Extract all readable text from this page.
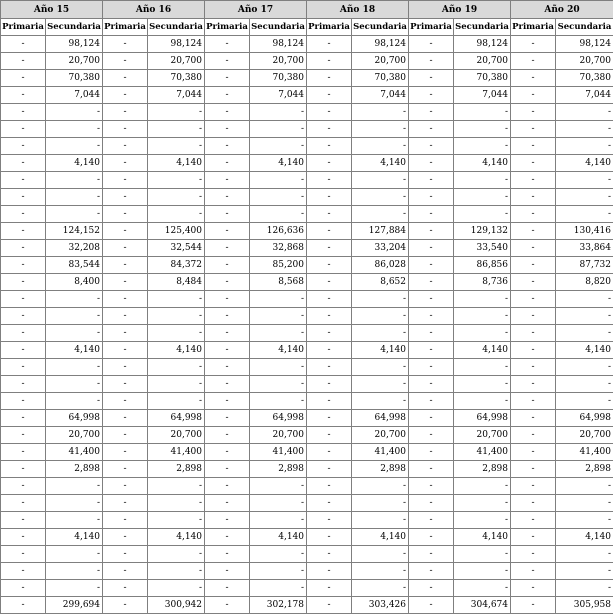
Año 15		Año 16		Año 17		Año 18		Año 19		Año 20	
Primaria	Secundaria	Primaria	Secundaria	Primaria	Secundaria	Primaria	Secundaria	Primaria	Secundaria	Primaria	Secundaria
-	98,124	-	98,124	-	98,124	-	98,124	-	98,124	-	98,124
-	20,700	-	20,700	-	20,700	-	20,700	-	20,700	-	20,700
-	70,380	-	70,380	-	70,380	-	70,380	-	70,380	-	70,380
-	7,044	-	7,044	-	7,044	-	7,044	-	7,044	-	7,044
-	-	-	-	-	-	-	-	-	-	-	-
-	-	-	-	-	-	-	-	-	-	-	-
-	-	-	-	-	-	-	-	-	-	-	-
-	4,140	-	4,140	-	4,140	-	4,140	-	4,140	-	4,140
-	-	-	-	-	-	-	-	-	-	-	-
-	-	-	-	-	-	-	-	-	-	-	-
-	-	-	-	-	-	-	-	-	-	-	-
-	124,152	-	125,400	-	126,636	-	127,884	-	129,132	-	130,416
-	32,208	-	32,544	-	32,868	-	33,204	-	33,540	-	33,864
-	83,544	-	84,372	-	85,200	-	86,028	-	86,856	-	87,732
-	8,400	-	8,484	-	8,568	-	8,652	-	8,736	-	8,820
-	-	-	-	-	-	-	-	-	-	-	-
-	-	-	-	-	-	-	-	-	-	-	-
-	-	-	-	-	-	-	-	-	-	-	-
-	4,140	-	4,140	-	4,140	-	4,140	-	4,140	-	4,140
-	-	-	-	-	-	-	-	-	-	-	-
-	-	-	-	-	-	-	-	-	-	-	-
-	-	-	-	-	-	-	-	-	-	-	-
-	64,998	-	64,998	-	64,998	-	64,998	-	64,998	-	64,998
-	20,700	-	20,700	-	20,700	-	20,700	-	20,700	-	20,700
-	41,400	-	41,400	-	41,400	-	41,400	-	41,400	-	41,400
-	2,898	-	2,898	-	2,898	-	2,898	-	2,898	-	2,898
-	-	-	-	-	-	-	-	-	-	-	-
-	-	-	-	-	-	-	-	-	-	-	-
-	-	-	-	-	-	-	-	-	-	-	-
-	4,140	-	4,140	-	4,140	-	4,140	-	4,140	-	4,140
-	-	-	-	-	-	-	-	-	-	-	-
-	-	-	-	-	-	-	-	-	-	-	-
-	-	-	-	-	-	-	-	-	-	-	-
-	299,694	-	300,942	-	302,178	-	303,426	-	304,674	-	305,958
